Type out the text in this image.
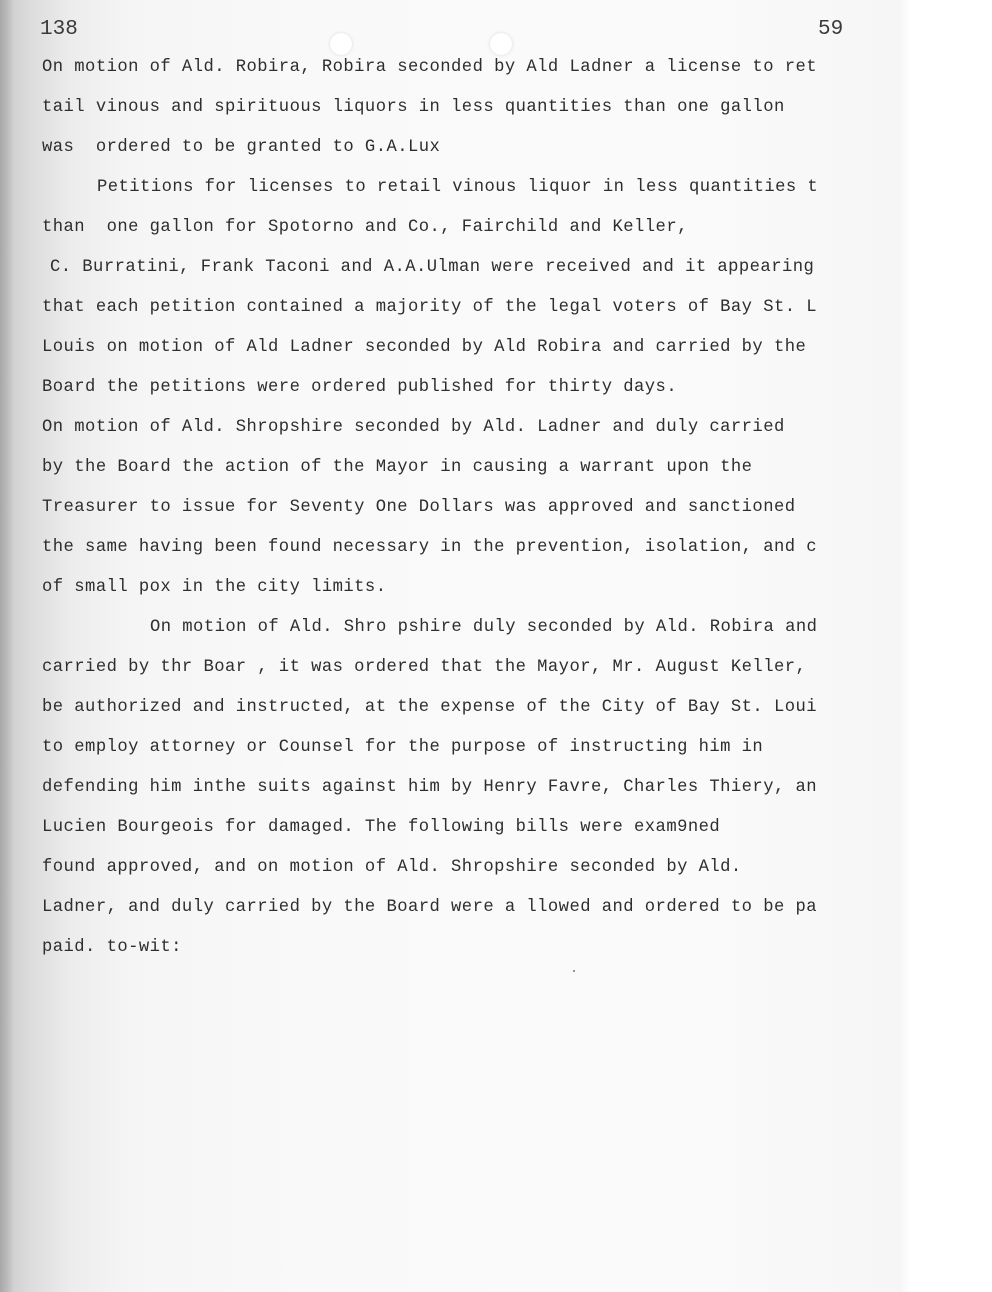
138	59
On motion of Ald. Robira, Robira seconded by Ald Ladner a license to ret
tail vinous and spirituous liquors in less quantities than one gallon
was  ordered to be granted to G.A.Lux
Petitions for licenses to retail vinous liquor in less quantities t
than  one gallon for Spotorno and Co., Fairchild and Keller,
C. Burratini, Frank Taconi and A.A.Ulman were received and it appearing
that each petition contained a majority of the legal voters of Bay St. L
Louis on motion of Ald Ladner seconded by Ald Robira and carried by the
Board the petitions were ordered published for thirty days.
On motion of Ald. Shropshire seconded by Ald. Ladner and duly carried
by the Board the action of the Mayor in causing a warrant upon the
Treasurer to issue for Seventy One Dollars was approved and sanctioned
the same having been found necessary in the prevention, isolation, and c
of small pox in the city limits.
On motion of Ald. Shro pshire duly seconded by Ald. Robira and
carried by thr Boar , it was ordered that the Mayor, Mr. August Keller,
be authorized and instructed, at the expense of the City of Bay St. Loui
to employ attorney or Counsel for the purpose of instructing him in
defending him inthe suits against him by Henry Favre, Charles Thiery, an
Lucien Bourgeois for damaged. The following bills were exam9ned
found approved, and on motion of Ald. Shropshire seconded by Ald.
Ladner, and duly carried by the Board were a llowed and ordered to be pa
paid. to-wit:
